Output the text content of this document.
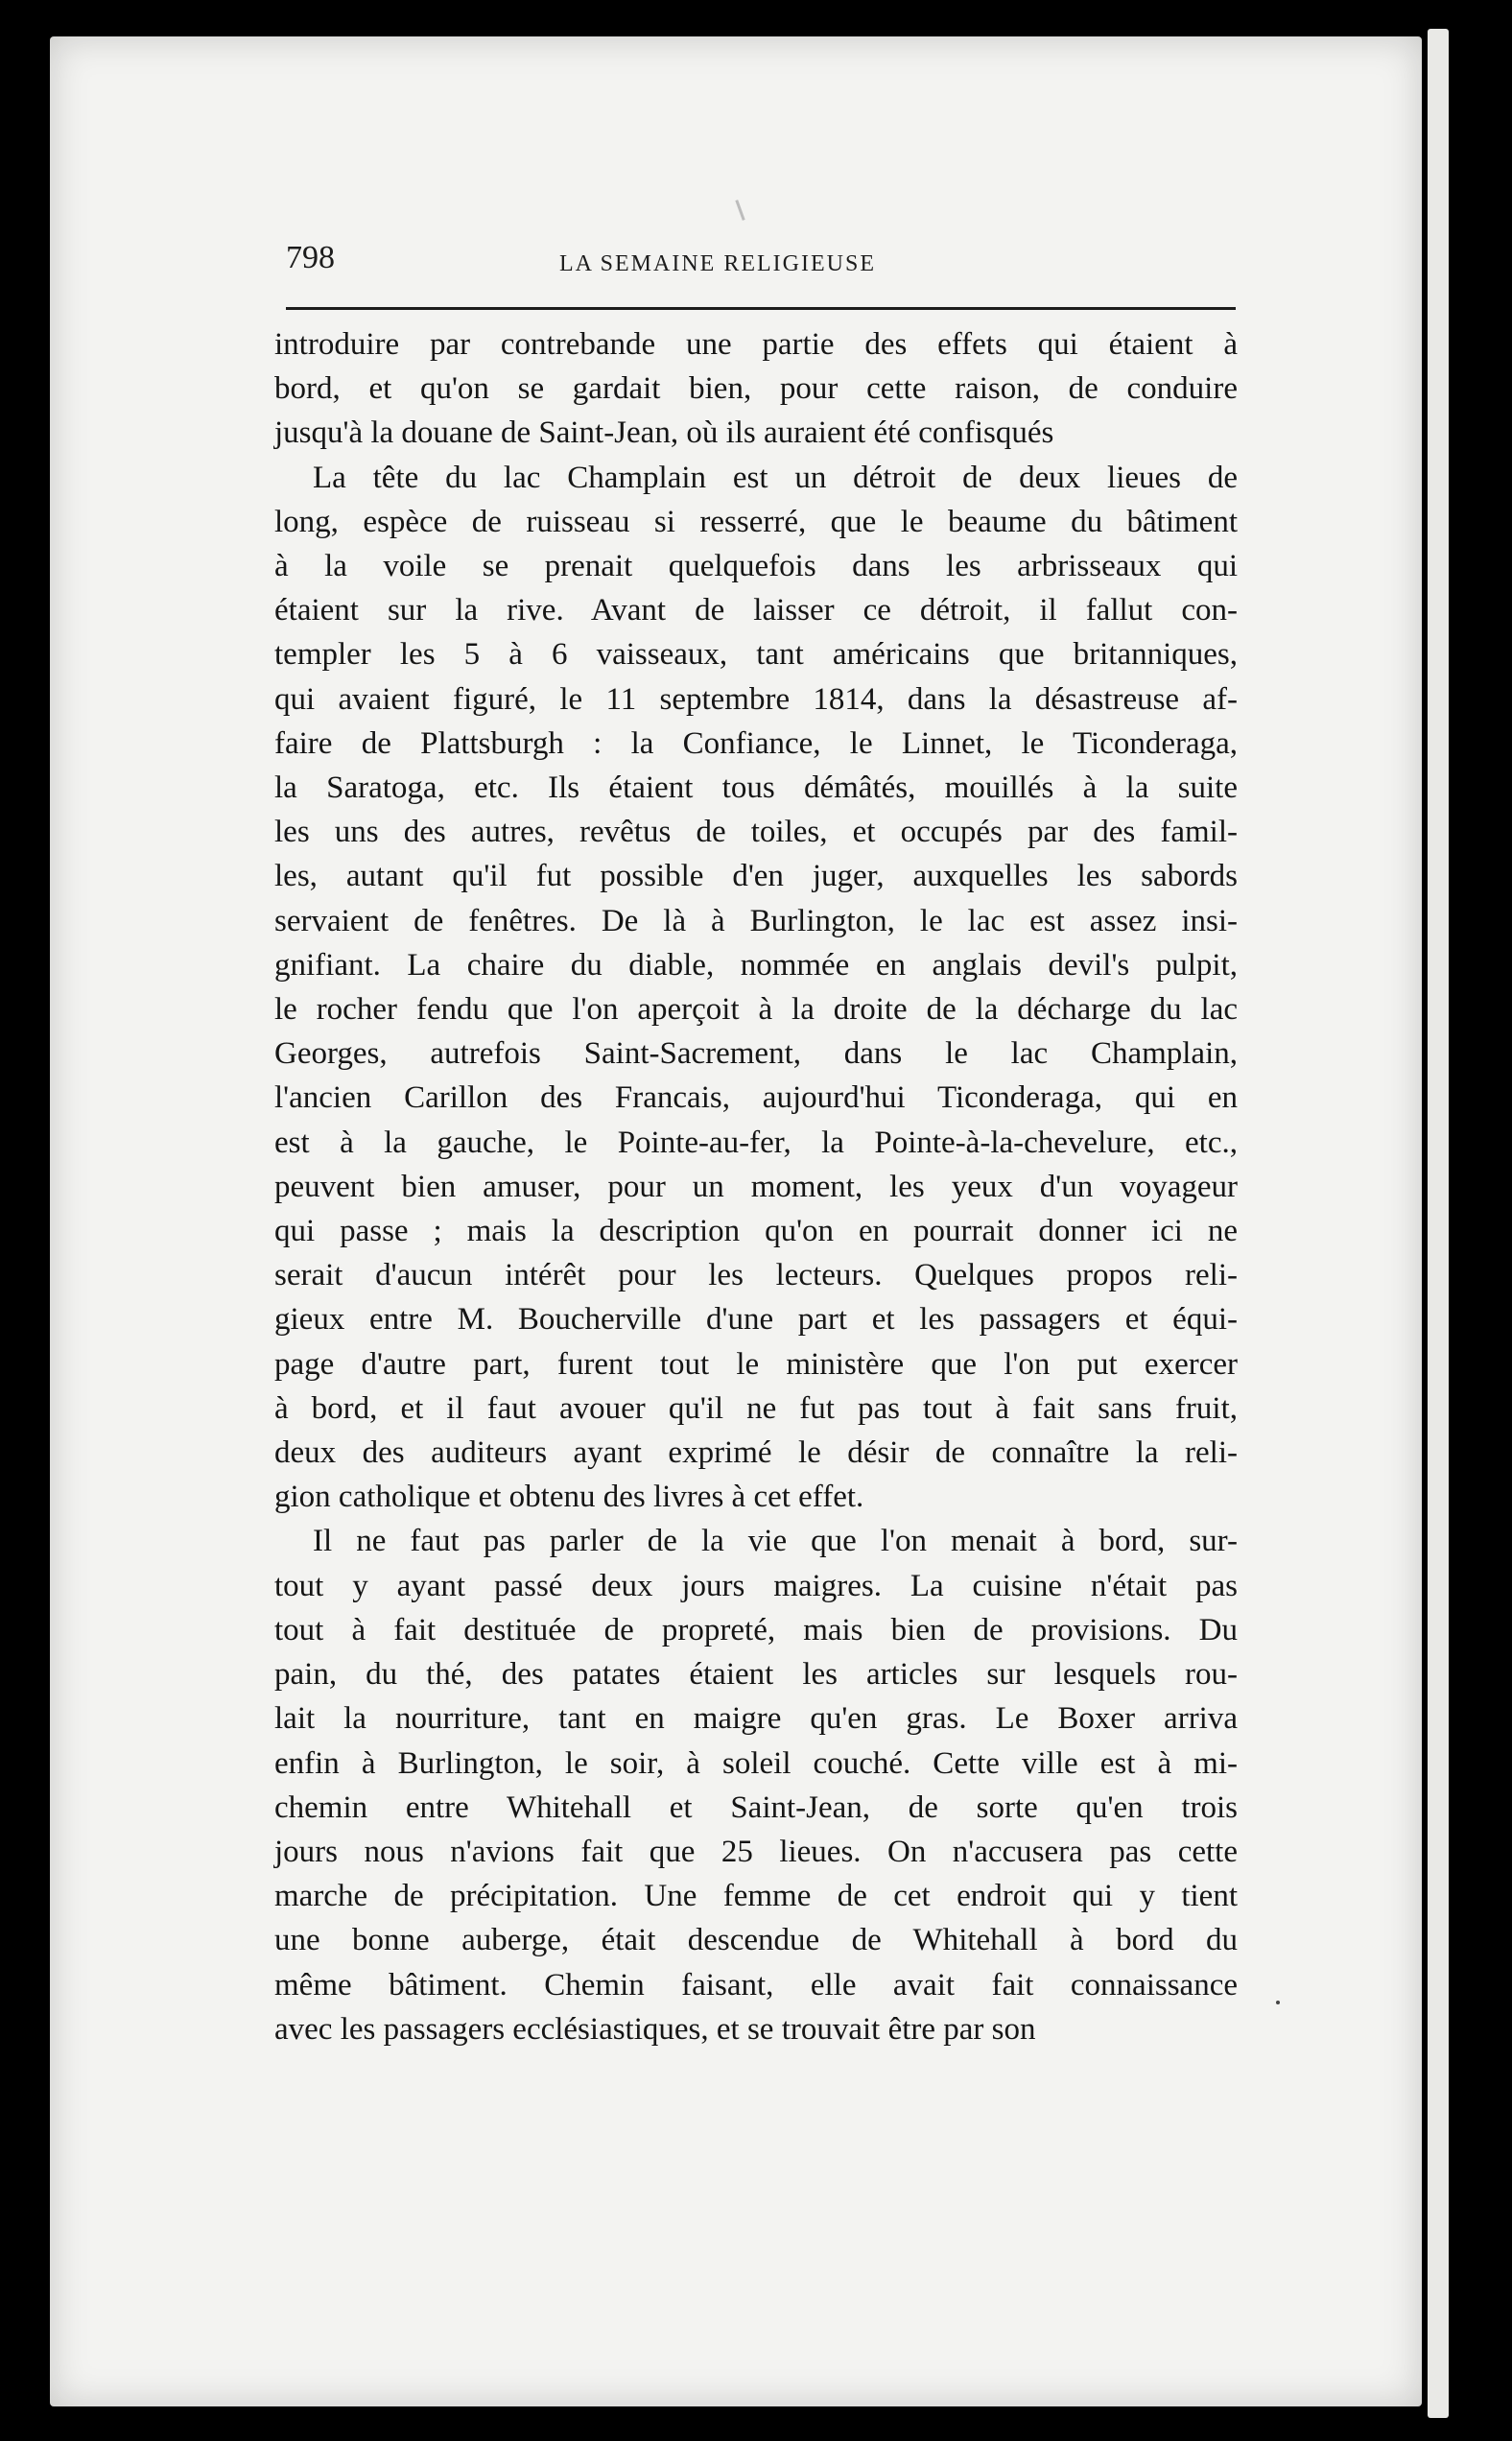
798	LA SEMAINE RELIGIEUSE

introduire par contrebande une partie des effets qui étaient à
bord, et qu'on se gardait bien, pour cette raison, de conduire
jusqu'à la douane de Saint-Jean, où ils auraient été confisqués

La tête du lac Champlain est un détroit de deux lieues de
long, espèce de ruisseau si resserré, que le beaume du bâtiment
à la voile se prenait quelquefois dans les arbrisseaux qui
étaient sur la rive. Avant de laisser ce détroit, il fallut con-
templer les 5 à 6 vaisseaux, tant américains que britanniques,
qui avaient figuré, le 11 septembre 1814, dans la désastreuse af-
faire de Plattsburgh : la Confiance, le Linnet, le Ticonderaga,
la Saratoga, etc. Ils étaient tous démâtés, mouillés à la suite
les uns des autres, revêtus de toiles, et occupés par des famil-
les, autant qu'il fut possible d'en juger, auxquelles les sabords
servaient de fenêtres. De là à Burlington, le lac est assez insi-
gnifiant. La chaire du diable, nommée en anglais devil's pulpit,
le rocher fendu que l'on aperçoit à la droite de la décharge du lac
Georges, autrefois Saint-Sacrement, dans le lac Champlain,
l'ancien Carillon des Francais, aujourd'hui Ticonderaga, qui en
est à la gauche, le Pointe-au-fer, la Pointe-à-la-chevelure, etc.,
peuvent bien amuser, pour un moment, les yeux d'un voyageur
qui passe ; mais la description qu'on en pourrait donner ici ne
serait d'aucun intérêt pour les lecteurs. Quelques propos reli-
gieux entre M. Boucherville d'une part et les passagers et équi-
page d'autre part, furent tout le ministère que l'on put exercer
à bord, et il faut avouer qu'il ne fut pas tout à fait sans fruit,
deux des auditeurs ayant exprimé le désir de connaître la reli-
gion catholique et obtenu des livres à cet effet.

Il ne faut pas parler de la vie que l'on menait à bord, sur-
tout y ayant passé deux jours maigres. La cuisine n'était pas
tout à fait destituée de propreté, mais bien de provisions. Du
pain, du thé, des patates étaient les articles sur lesquels rou-
lait la nourriture, tant en maigre qu'en gras. Le Boxer arriva
enfin à Burlington, le soir, à soleil couché. Cette ville est à mi-
chemin entre Whitehall et Saint-Jean, de sorte qu'en trois
jours nous n'avions fait que 25 lieues. On n'accusera pas cette
marche de précipitation. Une femme de cet endroit qui y tient
une bonne auberge, était descendue de Whitehall à bord du
même bâtiment. Chemin faisant, elle avait fait connaissance
avec les passagers ecclésiastiques, et se trouvait être par son
